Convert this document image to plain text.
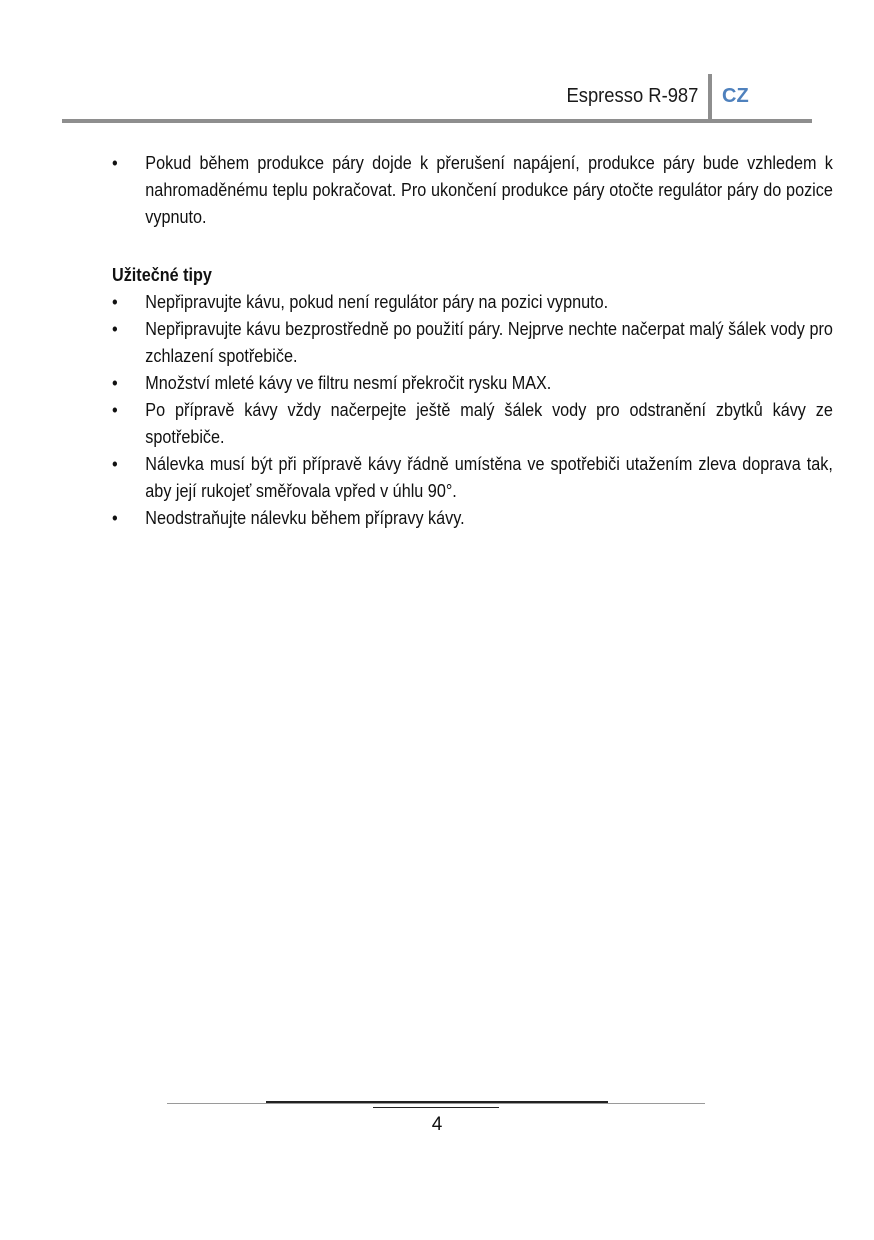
Espresso R-987 CZ
•	Pokud během produkce páry dojde k přerušení napájení, produkce páry bude vzhledem k nahromaděnému teplu pokračovat. Pro ukončení produkce páry otočte regulátor páry do pozice vypnuto.
Užitečné tipy
•	Nepřipravujte kávu, pokud není regulátor páry na pozici vypnuto.
•	Nepřipravujte kávu bezprostředně po použití páry. Nejprve nechte načerpat malý šálek vody pro zchlazení spotřebiče.
•	Množství mleté kávy ve filtru nesmí překročit rysku MAX.
•	Po přípravě kávy vždy načerpejte ještě malý šálek vody pro odstranění zbytků kávy ze spotřebiče.
•	Nálevka musí být při přípravě kávy řádně umístěna ve spotřebiči utažením zleva doprava tak, aby její rukojeť směřovala vpřed v úhlu 90°.
•	Neodstraňujte nálevku během přípravy kávy.
4
